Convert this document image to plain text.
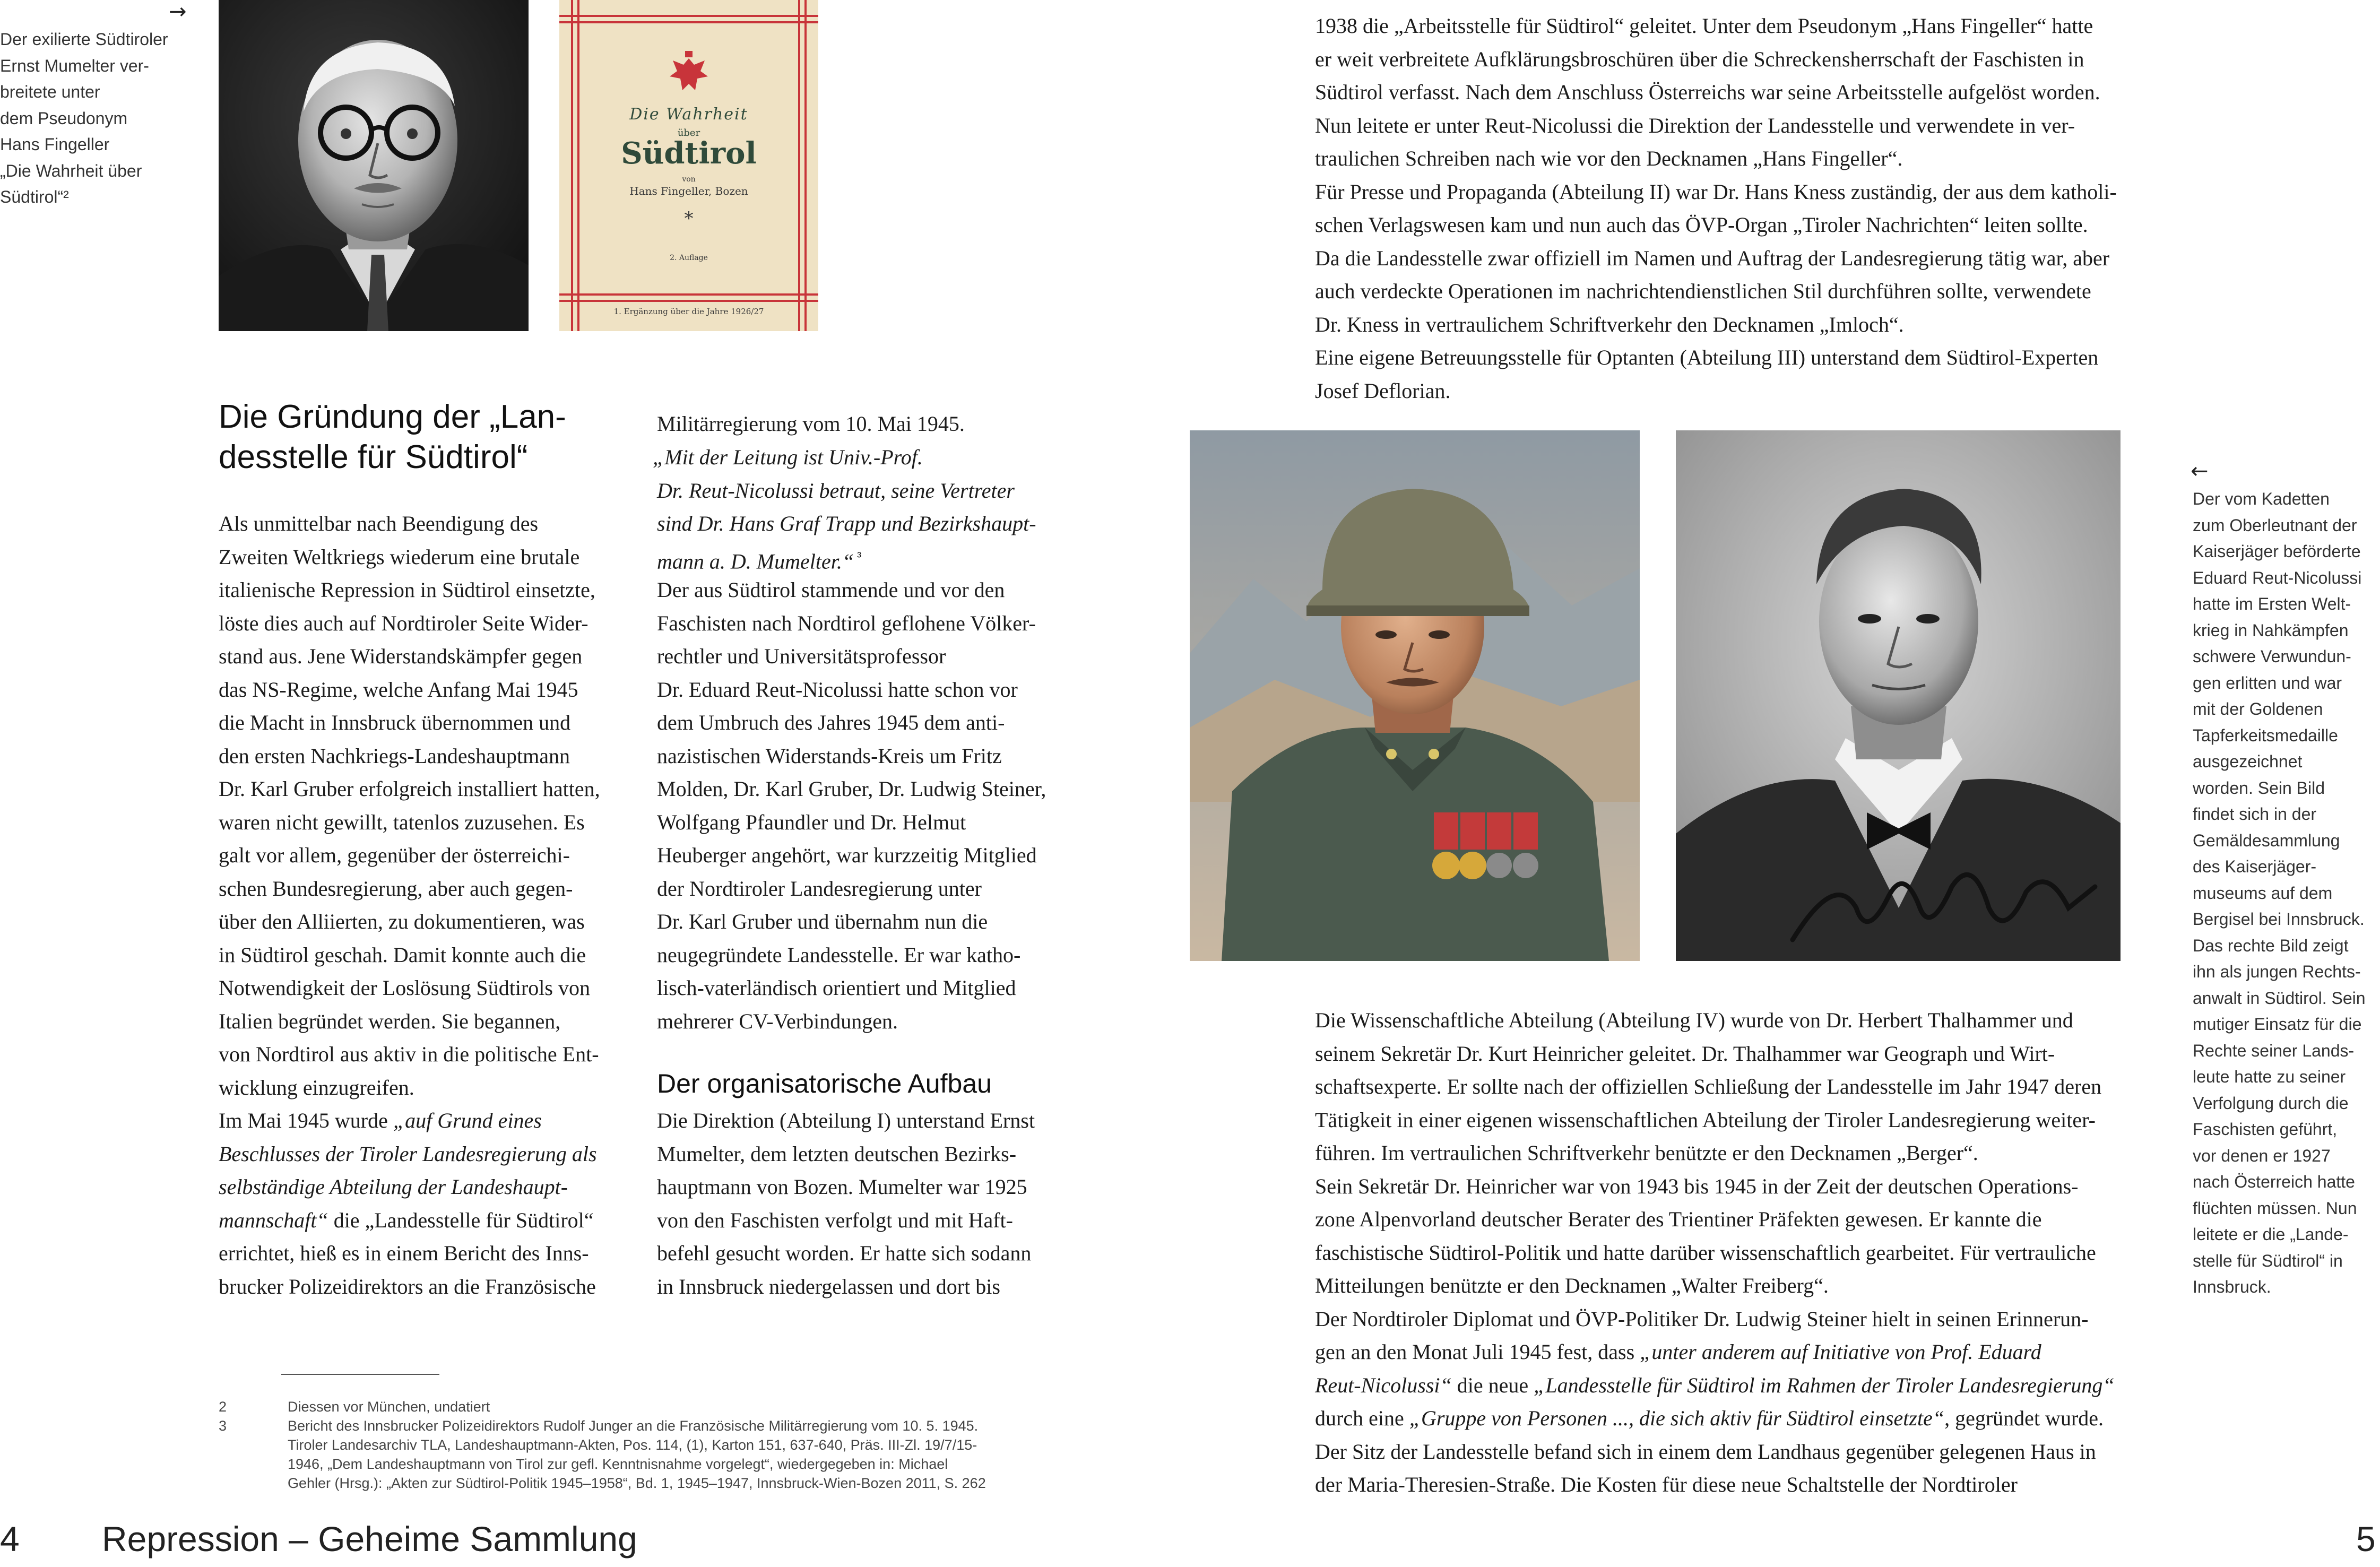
→
Der exilierte Südtiroler
Ernst Mumelter ver-
breitete unter
dem Pseudonym
Hans Fingeller
„Die Wahrheit über
Südtirol“²
Die Wahrheit
über
Südtirol
von
Hans Fingeller, Bozen
*
2. Auflage
1. Ergänzung über die Jahre 1926/27
Die Gründung der „Lan-
desstelle für Südtirol“
Als unmittelbar nach Beendigung des
Zweiten Weltkriegs wiederum eine brutale
italienische Repression in Südtirol einsetzte,
löste dies auch auf Nordtiroler Seite Wider-
stand aus. Jene Widerstandskämpfer gegen
das NS-Regime, welche Anfang Mai 1945
die Macht in Innsbruck übernommen und
den ersten Nachkriegs-Landeshauptmann
Dr. Karl Gruber erfolgreich installiert hatten,
waren nicht gewillt, tatenlos zuzusehen. Es
galt vor allem, gegenüber der österreichi-
schen Bundesregierung, aber auch gegen-
über den Alliierten, zu dokumentieren, was
in Südtirol geschah. Damit konnte auch die
Notwendigkeit der Loslösung Südtirols von
Italien begründet werden. Sie begannen,
von Nordtirol aus aktiv in die politische Ent-
wicklung einzugreifen.
Im Mai 1945 wurde „auf Grund eines
Beschlusses der Tiroler Landesregierung als
selbständige Abteilung der Landeshaupt-
mannschaft“ die „Landesstelle für Südtirol“
errichtet, hieß es in einem Bericht des Inns-
brucker Polizeidirektors an die Französische
Militärregierung vom 10. Mai 1945.
„Mit der Leitung ist Univ.-Prof.
Dr. Reut-Nicolussi betraut, seine Vertreter
sind Dr. Hans Graf Trapp und Bezirkshaupt-
mann a. D. Mumelter.“ $^{^3}$
Der aus Südtirol stammende und vor den
Faschisten nach Nordtirol geflohene Völker-
rechtler und Universitätsprofessor
Dr. Eduard Reut-Nicolussi hatte schon vor
dem Umbruch des Jahres 1945 dem anti-
nazistischen Widerstands-Kreis um Fritz
Molden, Dr. Karl Gruber, Dr. Ludwig Steiner,
Wolfgang Pfaundler und Dr. Helmut
Heuberger angehört, war kurzzeitig Mitglied
der Nordtiroler Landesregierung unter
Dr. Karl Gruber und übernahm nun die
neugegründete Landesstelle. Er war katho-
lisch-vaterländisch orientiert und Mitglied
mehrerer CV-Verbindungen.
Der organisatorische Aufbau
Die Direktion (Abteilung I) unterstand Ernst
Mumelter, dem letzten deutschen Bezirks-
hauptmann von Bozen. Mumelter war 1925
von den Faschisten verfolgt und mit Haft-
befehl gesucht worden. Er hatte sich sodann
in Innsbruck niedergelassen und dort bis
2	Diessen vor München, undatiert
3	Bericht des Innsbrucker Polizeidirektors Rudolf Junger an die Französische Militärregierung vom 10. 5. 1945.
Tiroler Landesarchiv TLA, Landeshauptmann-Akten, Pos. 114, (1), Karton 151, 637-640, Präs. III-Zl. 19/7/15-
1946, „Dem Landeshauptmann von Tirol zur gefl. Kenntnisnahme vorgelegt“, wiedergegeben in: Michael
Gehler (Hrsg.): „Akten zur Südtirol-Politik 1945–1958“, Bd. 1, 1945–1947, Innsbruck-Wien-Bozen 2011, S. 262
4 Repression – Geheime Sammlung
1938 die „Arbeitsstelle für Südtirol“ geleitet. Unter dem Pseudonym „Hans Fingeller“ hatte
er weit verbreitete Aufklärungsbroschüren über die Schreckensherrschaft der Faschisten in
Südtirol verfasst. Nach dem Anschluss Österreichs war seine Arbeitsstelle aufgelöst worden.
Nun leitete er unter Reut-Nicolussi die Direktion der Landesstelle und verwendete in ver-
traulichen Schreiben nach wie vor den Decknamen „Hans Fingeller“.
Für Presse und Propaganda (Abteilung II) war Dr. Hans Kness zuständig, der aus dem katholi-
schen Verlagswesen kam und nun auch das ÖVP-Organ „Tiroler Nachrichten“ leiten sollte.
Da die Landesstelle zwar offiziell im Namen und Auftrag der Landesregierung tätig war, aber
auch verdeckte Operationen im nachrichtendienstlichen Stil durchführen sollte, verwendete
Dr. Kness in vertraulichem Schriftverkehr den Decknamen „Imloch“.
Eine eigene Betreuungsstelle für Optanten (Abteilung III) unterstand dem Südtirol-Experten
Josef Deflorian.
←
Der vom Kadetten
zum Oberleutnant der
Kaiserjäger beförderte
Eduard Reut-Nicolussi
hatte im Ersten Welt-
krieg in Nahkämpfen
schwere Verwundun-
gen erlitten und war
mit der Goldenen
Tapferkeitsmedaille
ausgezeichnet
worden. Sein Bild
findet sich in der
Gemäldesammlung
des Kaiserjäger-
museums auf dem
Bergisel bei Innsbruck.
Das rechte Bild zeigt
ihn als jungen Rechts-
anwalt in Südtirol. Sein
mutiger Einsatz für die
Rechte seiner Lands-
leute hatte zu seiner
Verfolgung durch die
Faschisten geführt,
vor denen er 1927
nach Österreich hatte
flüchten müssen. Nun
leitete er die „Lande-
stelle für Südtirol“ in
Innsbruck.
Die Wissenschaftliche Abteilung (Abteilung IV) wurde von Dr. Herbert Thalhammer und
seinem Sekretär Dr. Kurt Heinricher geleitet. Dr. Thalhammer war Geograph und Wirt-
schaftsexperte. Er sollte nach der offiziellen Schließung der Landesstelle im Jahr 1947 deren
Tätigkeit in einer eigenen wissenschaftlichen Abteilung der Tiroler Landesregierung weiter-
führen. Im vertraulichen Schriftverkehr benützte er den Decknamen „Berger“.
Sein Sekretär Dr. Heinricher war von 1943 bis 1945 in der Zeit der deutschen Operations-
zone Alpenvorland deutscher Berater des Trientiner Präfekten gewesen. Er kannte die
faschistische Südtirol-Politik und hatte darüber wissenschaftlich gearbeitet. Für vertrauliche
Mitteilungen benützte er den Decknamen „Walter Freiberg“.
Der Nordtiroler Diplomat und ÖVP-Politiker Dr. Ludwig Steiner hielt in seinen Erinnerun-
gen an den Monat Juli 1945 fest, dass „unter anderem auf Initiative von Prof. Eduard
Reut-Nicolussi“ die neue „Landesstelle für Südtirol im Rahmen der Tiroler Landesregierung“
durch eine „Gruppe von Personen ..., die sich aktiv für Südtirol einsetzte“, gegründet wurde.
Der Sitz der Landesstelle befand sich in einem dem Landhaus gegenüber gelegenen Haus in
der Maria-Theresien-Straße. Die Kosten für diese neue Schaltstelle der Nordtiroler
5
